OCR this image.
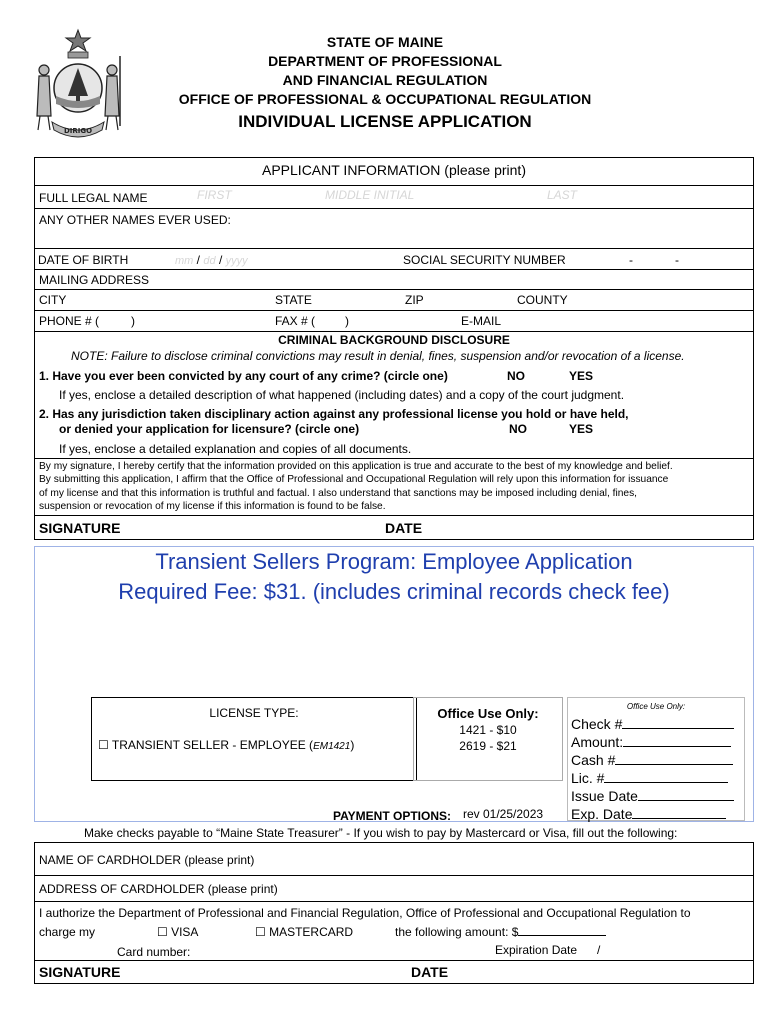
DIRIGO
STATE OF MAINE
DEPARTMENT OF PROFESSIONAL
AND FINANCIAL REGULATION
OFFICE OF PROFESSIONAL & OCCUPATIONAL REGULATION
INDIVIDUAL LICENSE APPLICATION
APPLICANT INFORMATION (please print)
FULL LEGAL NAME	FIRST	MIDDLE INITIAL	LAST
ANY OTHER NAMES EVER USED:
DATE OF BIRTH	mm / dd / yyyy	SOCIAL SECURITY NUMBER	-	-
MAILING ADDRESS
CITY	STATE	ZIP	COUNTY
PHONE # (	)	FAX # ( )	E-MAIL
CRIMINAL BACKGROUND DISCLOSURE
NOTE: Failure to disclose criminal convictions may result in denial, fines, suspension and/or revocation of a license.
1. Have you ever been convicted by any court of any crime? (circle one)	NO	YES
If yes, enclose a detailed description of what happened (including dates) and a copy of the court judgment.
2. Has any jurisdiction taken disciplinary action against any professional license you hold or have held,
or denied your application for licensure? (circle one)	NO	YES
If yes, enclose a detailed explanation and copies of all documents.
By my signature, I hereby certify that the information provided on this application is true and accurate to the best of my knowledge and belief.
By submitting this application, I affirm that the Office of Professional and Occupational Regulation will rely upon this information for issuance
of my license and that this information is truthful and factual. I also understand that sanctions may be imposed including denial, fines,
suspension or revocation of my license if this information is found to be false.
SIGNATURE	DATE
Transient Sellers Program: Employee Application
Required Fee: $31. (includes criminal records check fee)
LICENSE TYPE:
☐ TRANSIENT SELLER - EMPLOYEE (EM1421)
Office Use Only:
1421 - $10
2619 - $21
Office Use Only:
Check #
Amount:
Cash #
Lic. #
Issue Date
Exp. Date
PAYMENT OPTIONS: rev 01/25/2023
Make checks payable to “Maine State Treasurer” - If you wish to pay by Mastercard or Visa, fill out the following:
NAME OF CARDHOLDER (please print)
ADDRESS OF CARDHOLDER (please print)
I authorize the Department of Professional and Financial Regulation, Office of Professional and Occupational Regulation to
charge my	☐ VISA	☐ MASTERCARD	the following amount: $
Card number:	Expiration Date /
SIGNATURE	DATE
